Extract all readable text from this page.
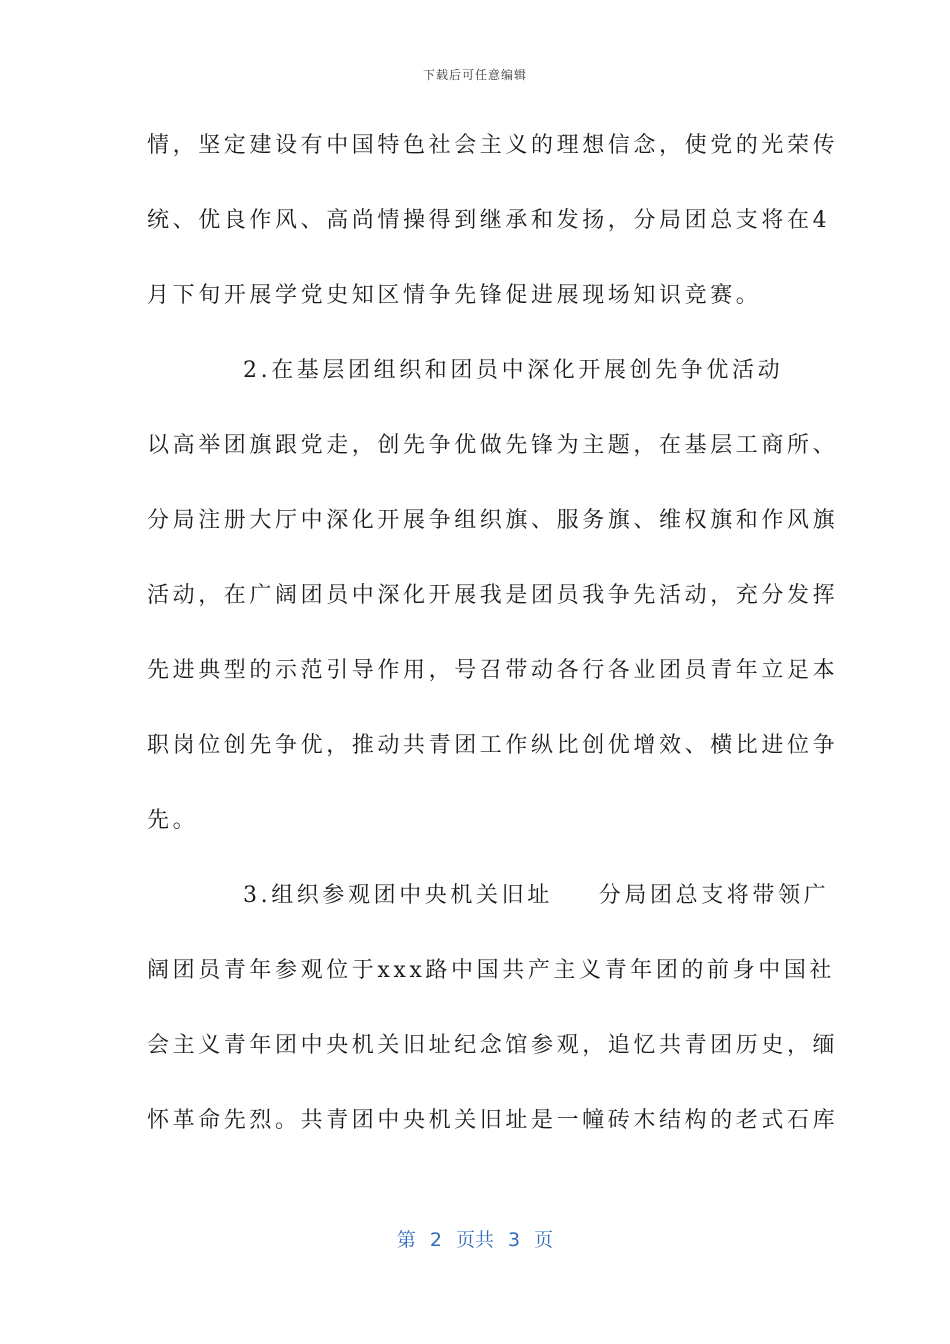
下载后可任意编辑
情，坚定建设有中国特色社会主义的理想信念，使党的光荣传
统、优良作风、高尚情操得到继承和发扬，分局团总支将在4
月下旬开展学党史知区情争先锋促进展现场知识竞赛。
2.在基层团组织和团员中深化开展创先争优活动
以高举团旗跟党走，创先争优做先锋为主题，在基层工商所、
分局注册大厅中深化开展争组织旗、服务旗、维权旗和作风旗
活动，在广阔团员中深化开展我是团员我争先活动，充分发挥
先进典型的示范引导作用，号召带动各行各业团员青年立足本
职岗位创先争优，推动共青团工作纵比创优增效、横比进位争
先。
3.组织参观团中央机关旧址 分局团总支将带领广
阔团员青年参观位于xxx路中国共产主义青年团的前身中国社
会主义青年团中央机关旧址纪念馆参观，追忆共青团历史，缅
怀革命先烈。共青团中央机关旧址是一幢砖木结构的老式石库
第 2 页共 3 页
